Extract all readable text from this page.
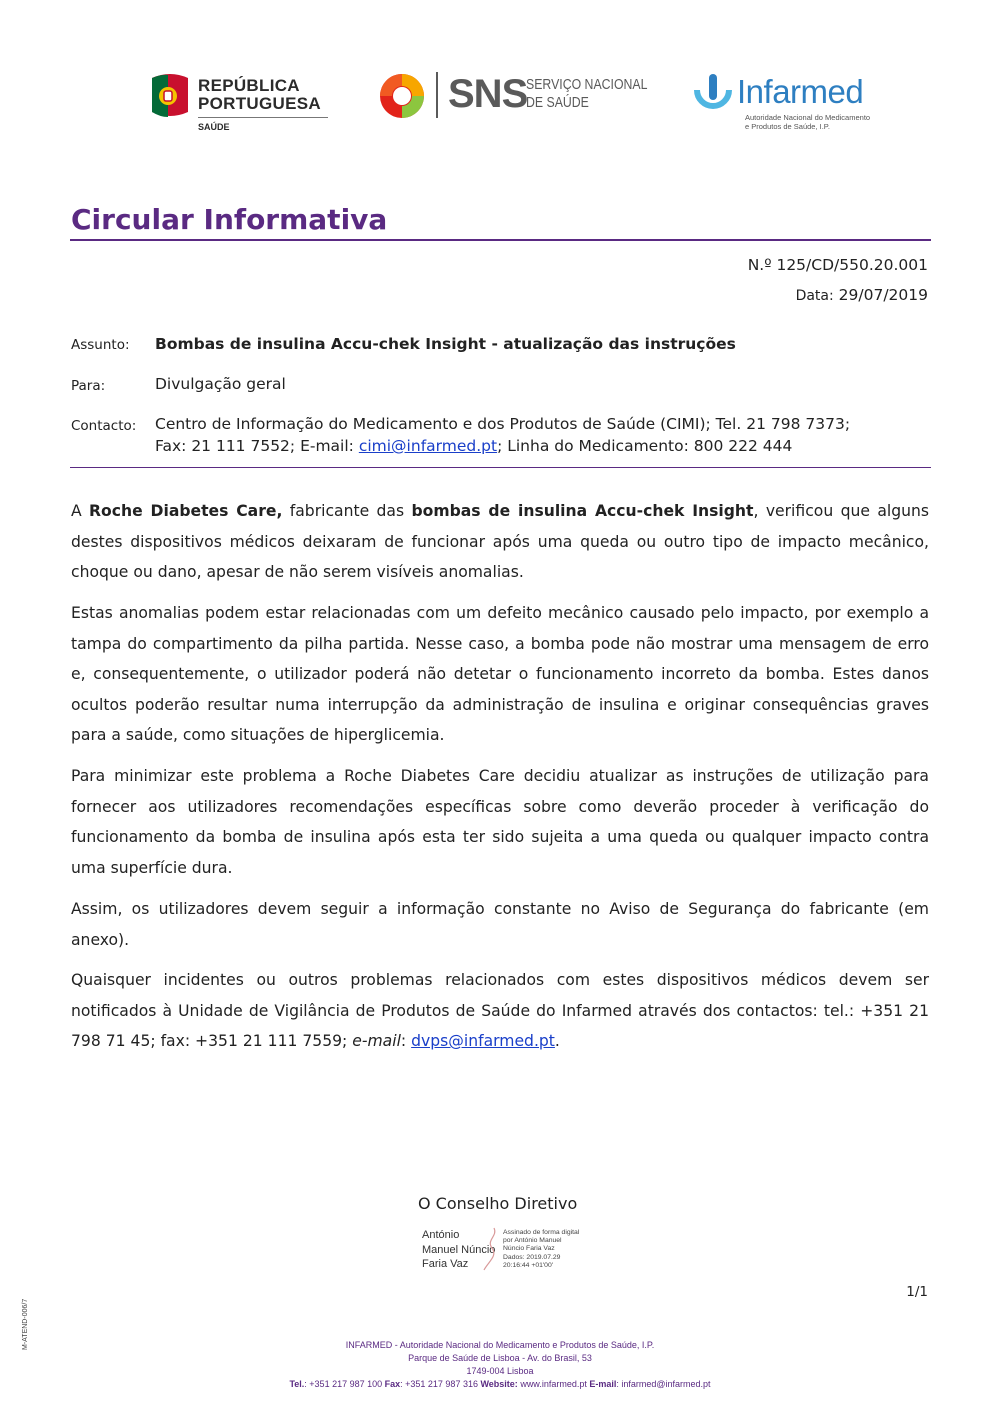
REPÚBLICA
PORTUGUESA
SAÚDE
SNS
SERVIÇO NACIONAL
DE SAÚDE	Infarmed
Autoridade Nacional do Medicamento
e Produtos de Saúde, I.P.
Circular Informativa
N.º 125/CD/550.20.001
Data: 29/07/2019
Assunto: Bombas de insulina Accu-chek Insight - atualização das instruções
Para:	Divulgação geral
Contacto: Centro de Informação do Medicamento e dos Produtos de Saúde (CIMI); Tel. 21 798 7373;
Fax: 21 111 7552; E-mail: cimi@infarmed.pt; Linha do Medicamento: 800 222 444
A Roche Diabetes Care, fabricante das bombas de insulina Accu-chek Insight, verificou que alguns destes dispositivos médicos deixaram de funcionar após uma queda ou outro tipo de impacto mecânico, choque ou dano, apesar de não serem visíveis anomalias.
Estas anomalias podem estar relacionadas com um defeito mecânico causado pelo impacto, por exemplo a tampa do compartimento da pilha partida. Nesse caso, a bomba pode não mostrar uma mensagem de erro e, consequentemente, o utilizador poderá não detetar o funcionamento incorreto da bomba. Estes danos ocultos poderão resultar numa interrupção da administração de insulina e originar consequências graves para a saúde, como situações de hiperglicemia.
Para minimizar este problema a Roche Diabetes Care decidiu atualizar as instruções de utilização para fornecer aos utilizadores recomendações específicas sobre como deverão proceder à verificação do funcionamento da bomba de insulina após esta ter sido sujeita a uma queda ou qualquer impacto contra uma superfície dura.
Assim, os utilizadores devem seguir a informação constante no Aviso de Segurança do fabricante (em anexo).
Quaisquer incidentes ou outros problemas relacionados com estes dispositivos médicos devem ser notificados à Unidade de Vigilância de Produtos de Saúde do Infarmed através dos contactos: tel.: +351 21 798 71 45; fax: +351 21 111 7559; e-mail: dvps@infarmed.pt.
O Conselho Diretivo
António
Manuel Núncio
Faria Vaz
Assinado de forma digital
por António Manuel
Núncio Faria Vaz
Dados: 2019.07.29
20:16:44 +01'00'
1/1
M-ATEND-006/7	INFARMED - Autoridade Nacional do Medicamento e Produtos de Saúde, I.P.
Parque de Saúde de Lisboa - Av. do Brasil, 53
1749-004 Lisboa
Tel.: +351 217 987 100 Fax: +351 217 987 316 Website: www.infarmed.pt E-mail: infarmed@infarmed.pt
